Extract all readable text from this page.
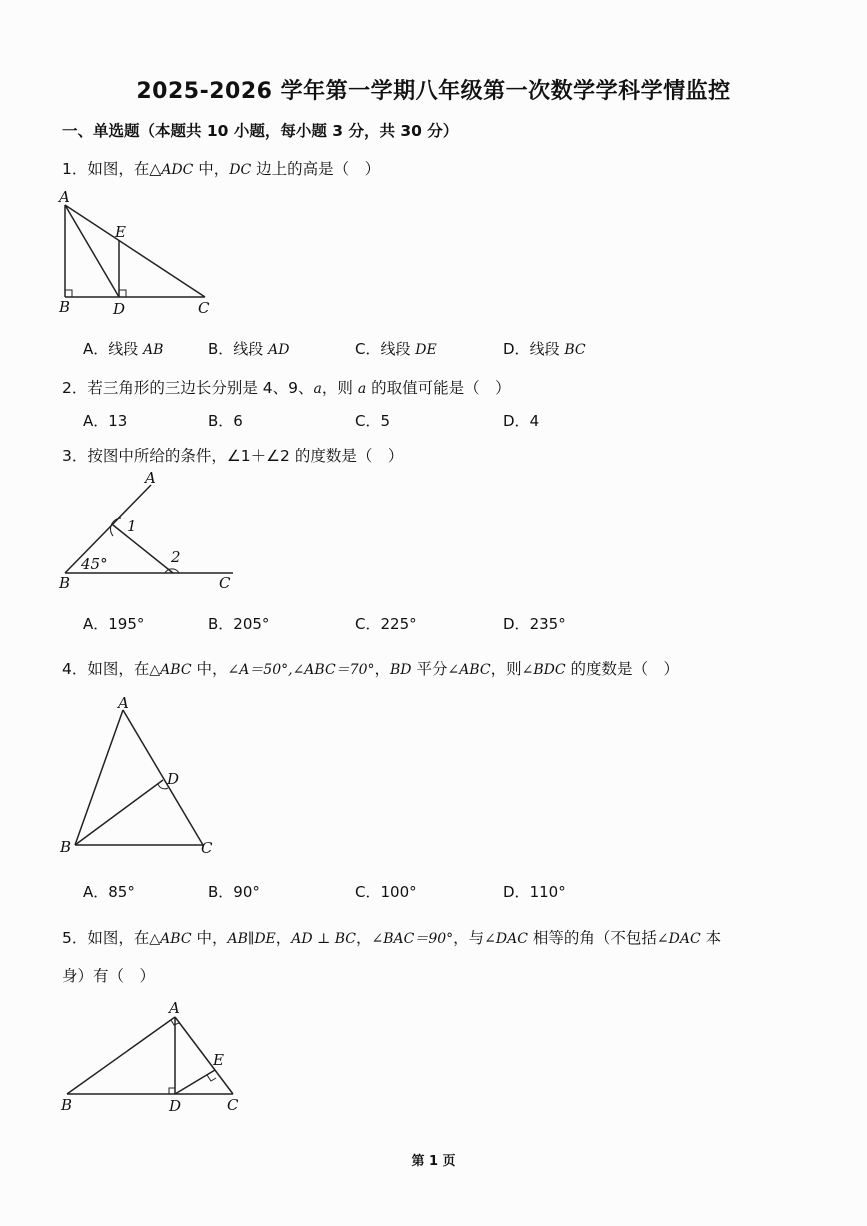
2025-2026 学年第一学期八年级第一次数学学科学情监控
一、单选题（本题共 10 小题，每小题 3 分，共 30 分）
1．如图，在△ADC 中，DC 边上的高是（　）
A
B	D	C
E
A．线段 AB	B．线段 AD	C．线段 DE	D．线段 BC
2．若三角形的三边长分别是 4、9、a，则 a 的取值可能是（　）
A．13	B．6	C．5	D．4
3．按图中所给的条件，∠1＋∠2 的度数是（　）
A
B	C
1
2
45°
A．195°	B．205°	C．225°	D．235°
4．如图，在△ABC 中，∠A＝50°,∠ABC＝70°，BD 平分∠ABC，则∠BDC 的度数是（　）
A
B	C
D
A．85°	B．90°	C．100°	D．110°
5．如图，在△ABC 中，AB∥DE，AD ⊥ BC，∠BAC＝90°，与∠DAC 相等的角（不包括∠DAC 本
身）有（　）
A
B	D	C
E
第 1 页
